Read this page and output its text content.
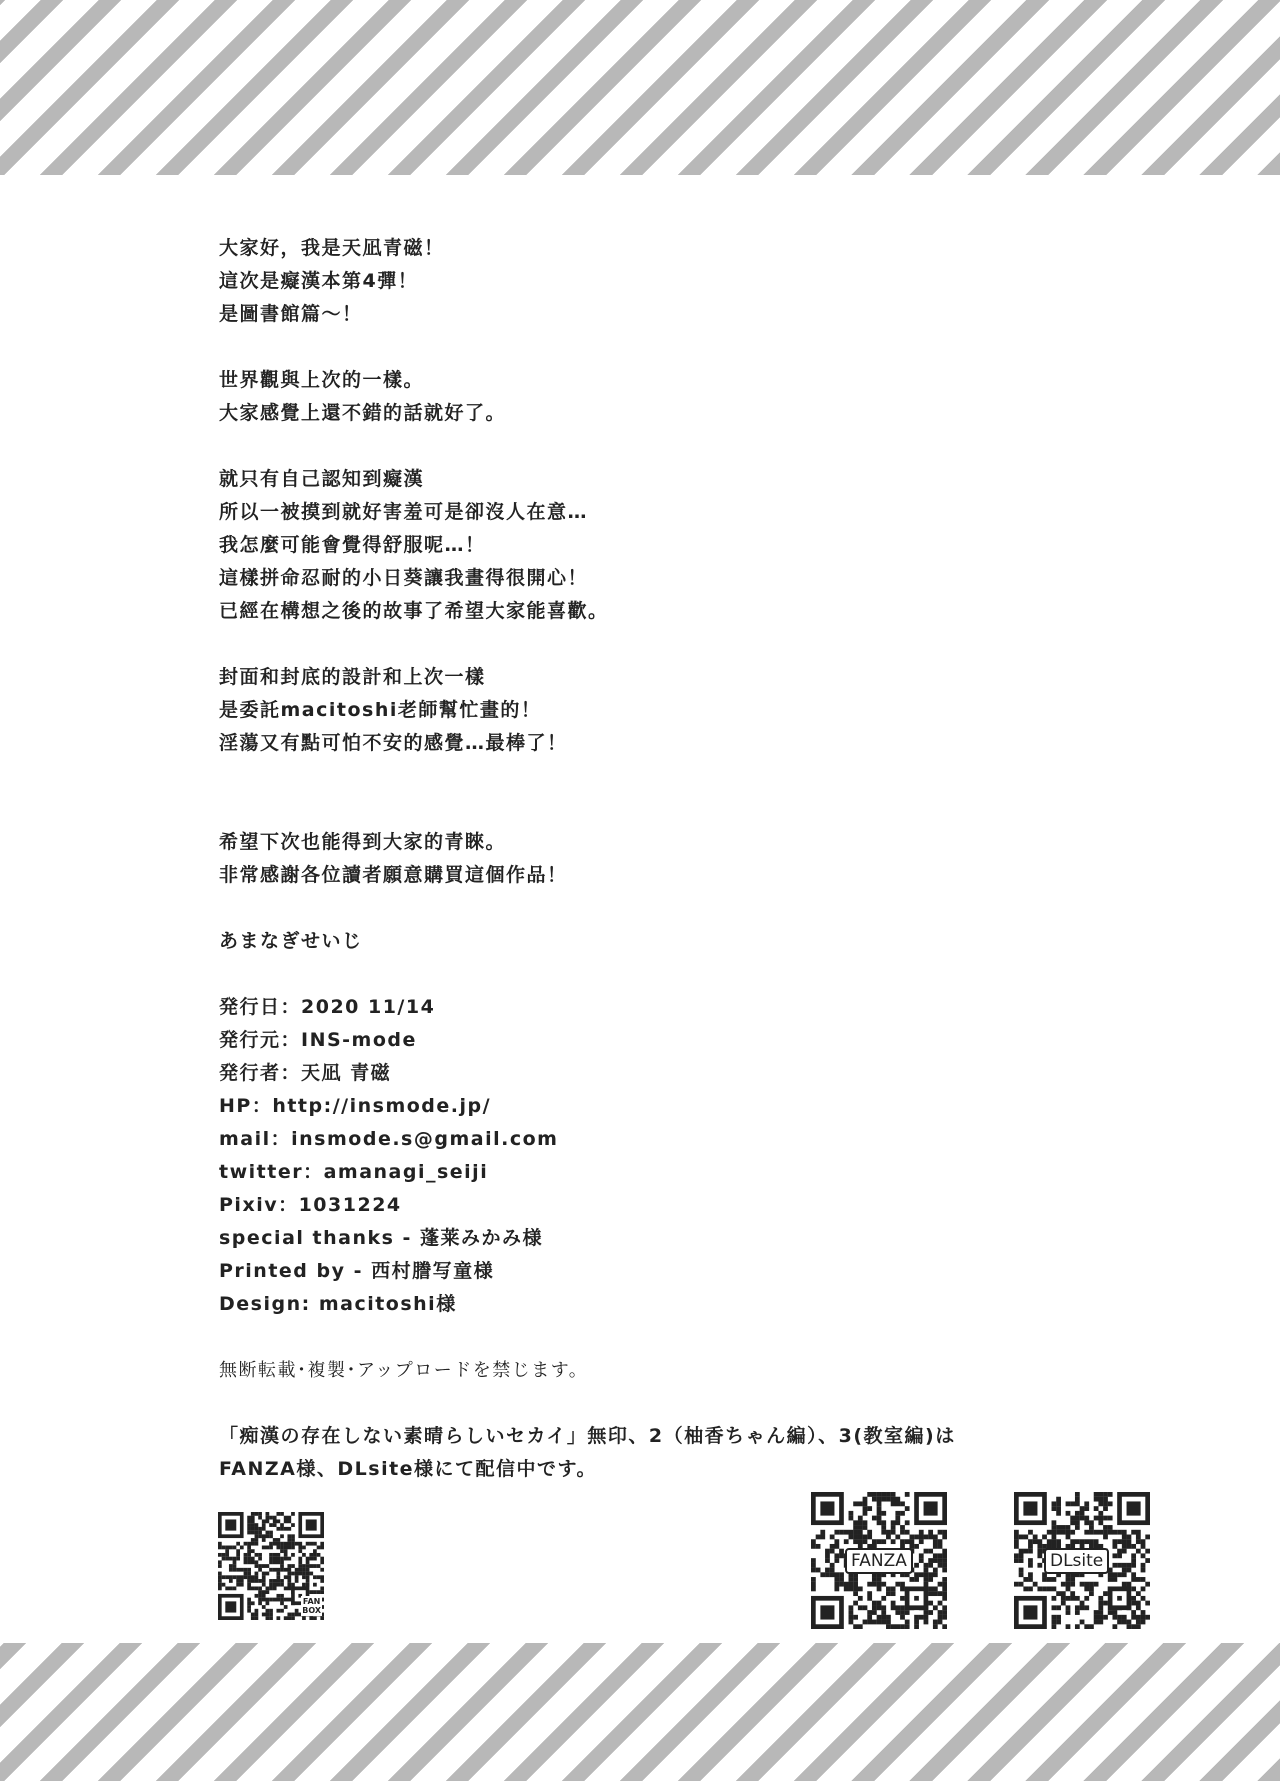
大家好，我是天凪青磁！
這次是癡漢本第4彈！
是圖書館篇～！
世界觀與上次的一樣。
大家感覺上還不錯的話就好了。
就只有自己認知到癡漢
所以一被摸到就好害羞可是卻沒人在意…
我怎麼可能會覺得舒服呢…！
這樣拼命忍耐的小日葵讓我畫得很開心！
已經在構想之後的故事了希望大家能喜歡。
封面和封底的設計和上次一樣
是委託macitoshi老師幫忙畫的！
淫蕩又有點可怕不安的感覺…最棒了！
希望下次也能得到大家的青睞。
非常感謝各位讀者願意購買這個作品！
あまなぎせいじ
発行日：2020 11/14
発行元：INS-mode
発行者：天凪 青磁
HP：http://insmode.jp/
mail：insmode.s@gmail.com
twitter：amanagi_seiji
Pixiv：1031224
special thanks - 蓬莱みかみ様
Printed by - 西村謄写童様
Design: macitoshi様
無断転載･複製･アップロードを禁じます。
「痴漢の存在しない素晴らしいセカイ」無印、2（柚香ちゃん編）、3(教室編)は
FANZA様、DLsite様にて配信中です。
FAN
BOX
FANZA	DLsite
